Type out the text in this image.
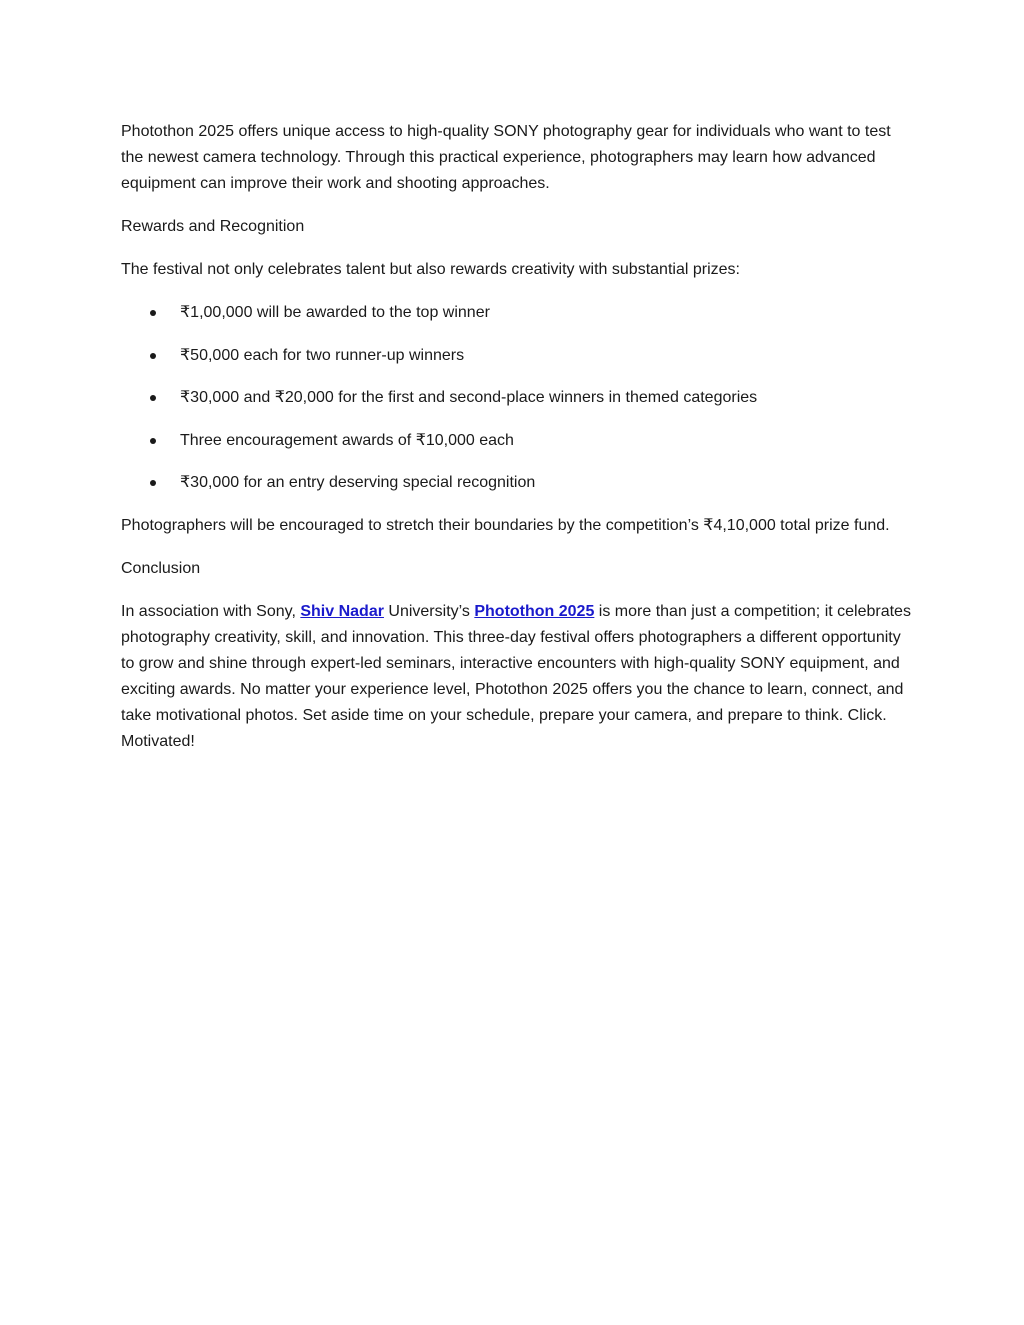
Photothon 2025 offers unique access to high-quality SONY photography gear for individuals who want to test the newest camera technology. Through this practical experience, photographers may learn how advanced equipment can improve their work and shooting approaches.

Rewards and Recognition

The festival not only celebrates talent but also rewards creativity with substantial prizes:

₹1,00,000 will be awarded to the top winner
₹50,000 each for two runner-up winners
₹30,000 and ₹20,000 for the first and second-place winners in themed categories
Three encouragement awards of ₹10,000 each
₹30,000 for an entry deserving special recognition

Photographers will be encouraged to stretch their boundaries by the competition’s ₹4,10,000 total prize fund.

Conclusion

In association with Sony, Shiv Nadar University’s Photothon 2025 is more than just a competition; it celebrates photography creativity, skill, and innovation. This three-day festival offers photographers a different opportunity to grow and shine through expert-led seminars, interactive encounters with high-quality SONY equipment, and exciting awards. No matter your experience level, Photothon 2025 offers you the chance to learn, connect, and take motivational photos. Set aside time on your schedule, prepare your camera, and prepare to think. Click. Motivated!
